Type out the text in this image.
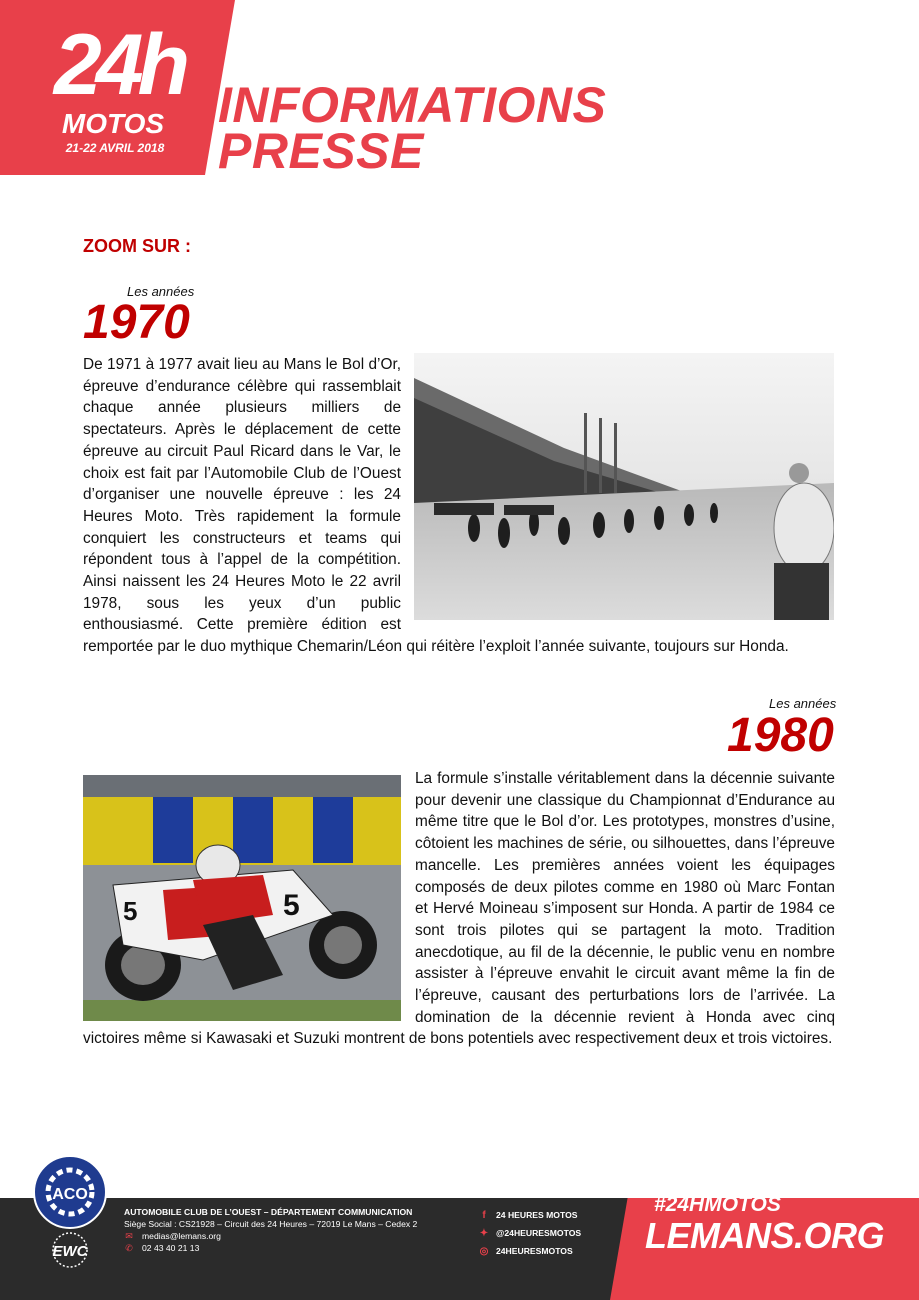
24h
MOTOS
21-22 AVRIL 2018
INFORMATIONS
PRESSE
ZOOM SUR :
Les années
1970
De 1971 à 1977 avait lieu au Mans le Bol d’Or, épreuve d’endurance célèbre qui rassemblait chaque année plusieurs milliers de spectateurs. Après le déplacement de cette épreuve au circuit Paul Ricard dans le Var, le choix est fait par l’Automobile Club de l’Ouest d’organiser une nouvelle épreuve : les 24 Heures Moto. Très rapidement la formule conquiert les constructeurs et teams qui répondent tous à l’appel de la compétition. Ainsi naissent les 24 Heures Moto le 22 avril 1978, sous les yeux d’un public enthousiasmé. Cette première édition est remportée par le duo mythique Chemarin/Léon qui réitère l’exploit l’année suivante, toujours sur Honda.
Les années
1980
5	5
La formule s’installe véritablement dans la décennie suivante pour devenir une classique du Championnat d’Endurance au même titre que le Bol d’or. Les prototypes, monstres d’usine, côtoient les machines de série, ou silhouettes, dans l’épreuve mancelle. Les premières années voient les équipages composés de deux pilotes comme en 1980 où Marc Fontan et Hervé Moineau s’imposent sur Honda. A partir de 1984 ce sont trois pilotes qui se partagent la moto. Tradition anecdotique, au fil de la décennie, le public venu en nombre assister à l’épreuve envahit le circuit avant même la fin de l’épreuve, causant des perturbations lors de l’arrivée. La domination de la décennie revient à Honda avec cinq victoires même si Kawasaki et Suzuki montrent de bons potentiels avec respectivement deux et trois victoires.
ACO
EWC
AUTOMOBILE CLUB DE L’OUEST – DÉPARTEMENT COMMUNICATION
Siège Social : CS21928 – Circuit des 24 Heures – 72019 Le Mans – Cedex 2
✉ medias@lemans.org
✆ 02 43 40 21 13
f 24 HEURES MOTOS
✦ @24HEURESMOTOS
◎ 24HEURESMOTOS
#24HMOTOS
LEMANS.ORG
